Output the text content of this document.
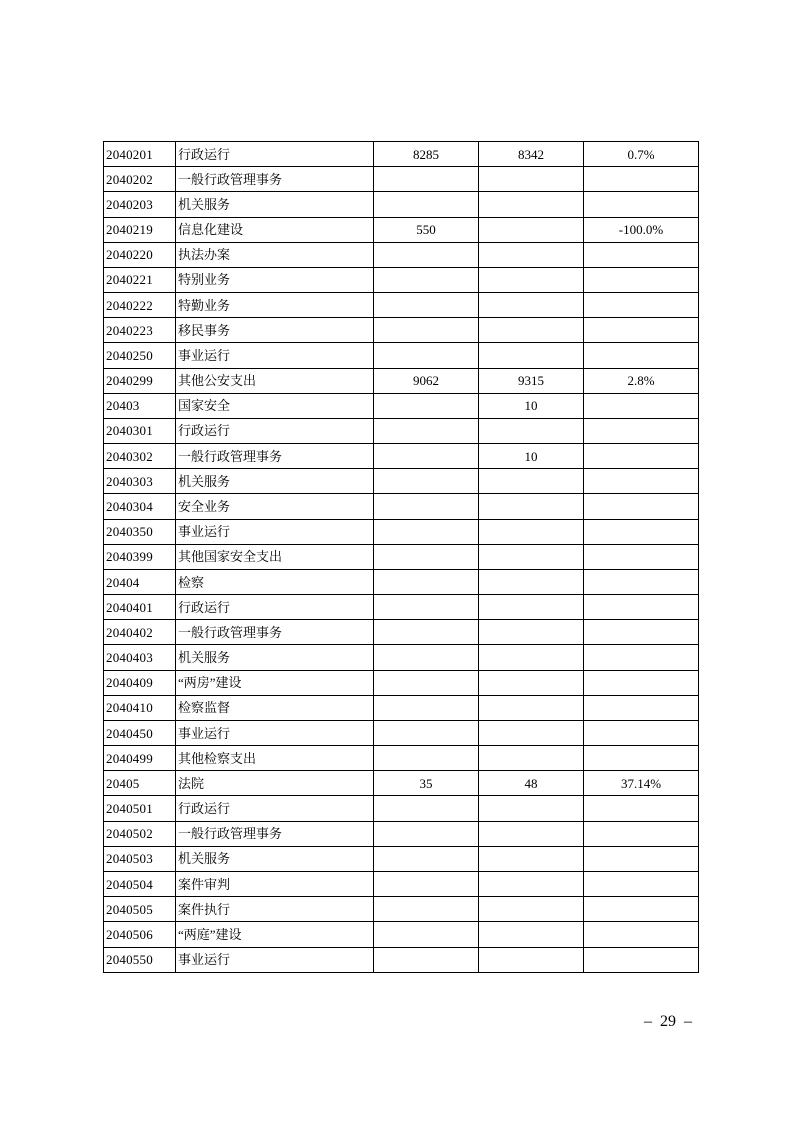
2040201	行政运行	8285	8342	0.7%
2040202	一般行政管理事务			
2040203	机关服务			
2040219	信息化建设	550		-100.0%
2040220	执法办案			
2040221	特别业务			
2040222	特勤业务			
2040223	移民事务			
2040250	事业运行			
2040299	其他公安支出	9062	9315	2.8%
20403	国家安全		10	
2040301	行政运行			
2040302	一般行政管理事务		10	
2040303	机关服务			
2040304	安全业务			
2040350	事业运行			
2040399	其他国家安全支出			
20404	检察			
2040401	行政运行			
2040402	一般行政管理事务			
2040403	机关服务			
2040409	“两房”建设			
2040410	检察监督			
2040450	事业运行			
2040499	其他检察支出			
20405	法院	35	48	37.14%
2040501	行政运行			
2040502	一般行政管理事务			
2040503	机关服务			
2040504	案件审判			
2040505	案件执行			
2040506	“两庭”建设			
2040550	事业运行			
– 29 –
